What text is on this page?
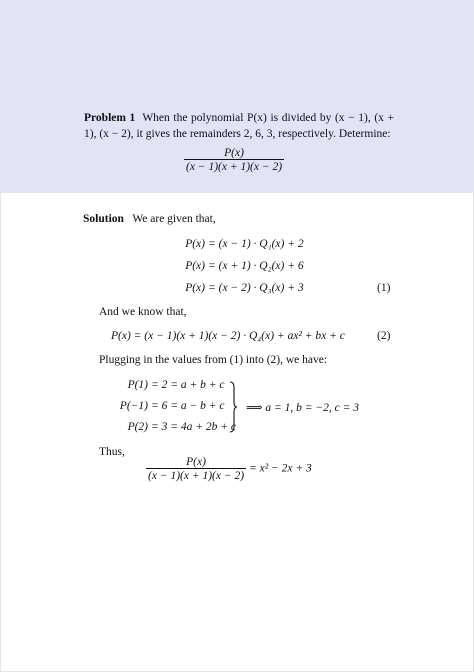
Problem 1 When the polynomial P(x) is divided by (x − 1), (x + 1), (x − 2), it gives the remainders 2, 6, 3, respectively. Determine:
$\frac{P(x)}{(x - 1)(x + 1)(x - 2)}$
Solution We are given that,
P(x) = (x − 1) · Q₁(x) + 2
P(x) = (x + 1) · Q₂(x) + 6
P(x) = (x − 2) · Q₃(x) + 3	(1)
And we know that,
P(x) = (x − 1)(x + 1)(x − 2) · Q₄(x) + ax² + bx + c	(2)
Plugging in the values from (1) into (2), we have:
P(1) = 2 = a + b + c
P(−1) = 6 = a − b + c
P(2) = 3 = 4a + 2b + c
⟹ a = 1, b = −2, c = 3
Thus,
$\frac{P(x)}{(x - 1)(x + 1)(x - 2)} = x^2 - 2x + 3$
